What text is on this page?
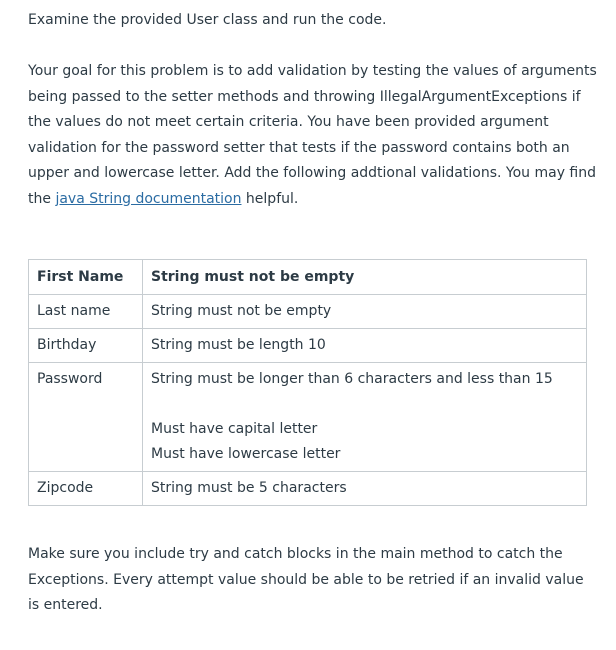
Examine the provided User class and run the code.

Your goal for this problem is to add validation by testing the values of arguments being passed to the setter methods and throwing IllegalArgumentExceptions if the values do not meet certain criteria. You have been provided argument validation for the password setter that tests if the password contains both an upper and lowercase letter. Add the following addtional validations. You may find the java String documentation helpful.

First Name	String must not be empty
Last name	String must not be empty
Birthday	String must be length 10
Password	String must be longer than 6 characters and less than 15
Must have capital letter
Must have lowercase letter

Zipcode	String must be 5 characters

Make sure you include try and catch blocks in the main method to catch the Exceptions. Every attempt value should be able to be retried if an invalid value is entered.
